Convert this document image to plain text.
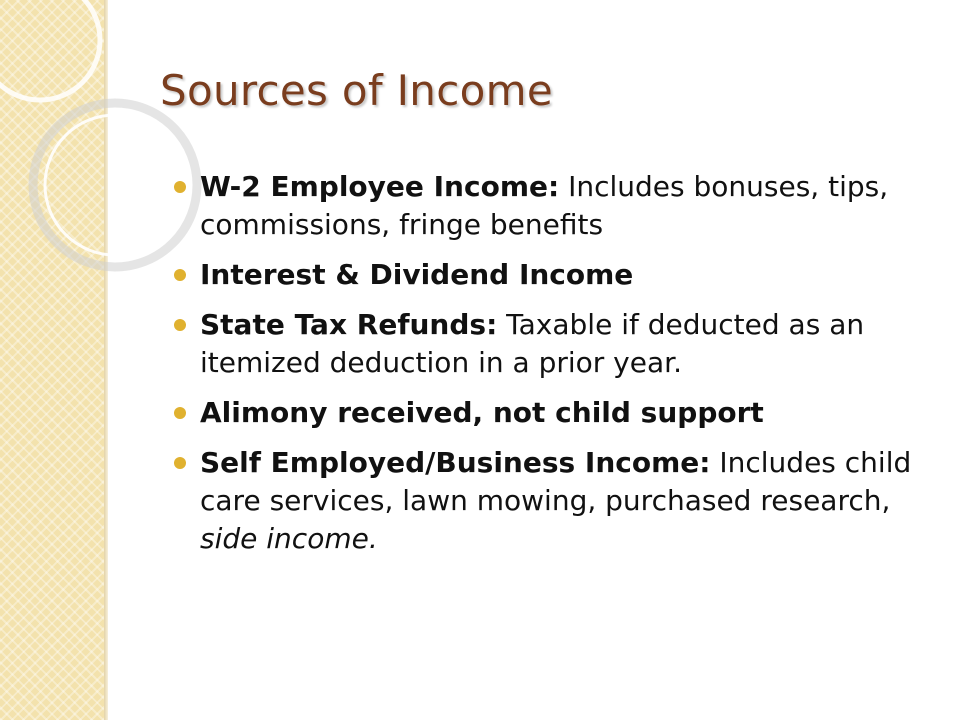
Sources of Income
W-2 Employee Income: Includes bonuses, tips, commissions, fringe benefits
Interest & Dividend Income
State Tax Refunds: Taxable if deducted as an itemized deduction in a prior year.
Alimony received, not child support
Self Employed/Business Income: Includes child care services, lawn mowing, purchased research, side income.
